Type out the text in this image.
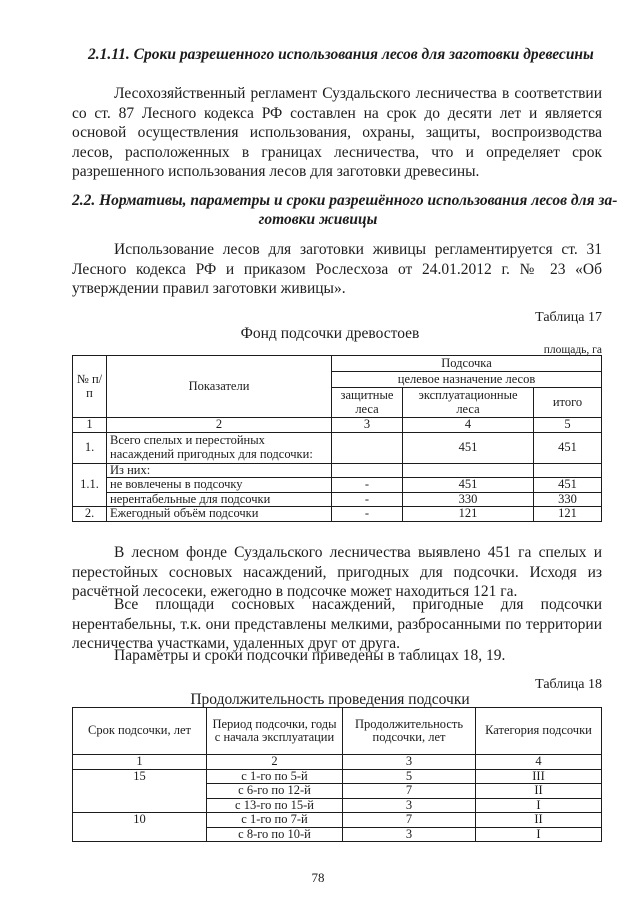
2.1.11. Сроки разрешенного использования лесов для заготовки древесины

Лесохозяйственный регламент Суздальского лесничества в соответствии со ст. 87 Лесного кодекса РФ составлен на срок до десяти лет и является основой осуществления использования, охраны, защиты, воспроизводства лесов, расположенных в границах лесничества, что и определяет срок разрешенного использования лесов для заготовки древесины.

2.2. Нормативы, параметры и сроки разрешённого использования лесов для за-

готовки живицы

Использование лесов для заготовки живицы регламентируется ст. 31 Лесного кодекса РФ и приказом Рослесхоза от 24.01.2012 г. № 23 «Об утверждении правил заготовки живицы».

Таблица 17
Фонд подсочки древостоев
площадь, га
№ п/п	Показатели	Подсочка		
		целевое назначение лесов		
		защитные леса	эксплуатационные леса	итого
1	2	3	4	5
1.	Всего спелых и перестойных насаждений пригодных для подсочки:		451	451
	Из них:			
1.1.	не вовлечены в подсочку	-	451	451
	нерентабельные для подсочки	-	330	330
2.	Ежегодный объём подсочки	-	121	121

В лесном фонде Суздальского лесничества выявлено 451 га спелых и перестойных сосновых насаждений, пригодных для подсочки. Исходя из расчётной лесосеки, ежегодно в подсочке может находиться 121 га.

Все площади сосновых насаждений, пригодные для подсочки нерентабельны, т.к. они представлены мелкими, разбросанными по территории лесничества участками, удаленных друг от друга.

Параметры и сроки подсочки приведены в таблицах 18, 19.

Таблица 18
Продолжительность проведения подсочки
Срок подсочки, лет	Период подсочки, годы с начала эксплуатации	Продолжительность подсочки, лет	Категория подсочки
1	2	3	4
15	с 1-го по 5-й	5	III
	с 6-го по 12-й	7	II
	с 13-го по 15-й	3	I
10	с 1-го по 7-й	7	II
	с 8-го по 10-й	3	I
78
